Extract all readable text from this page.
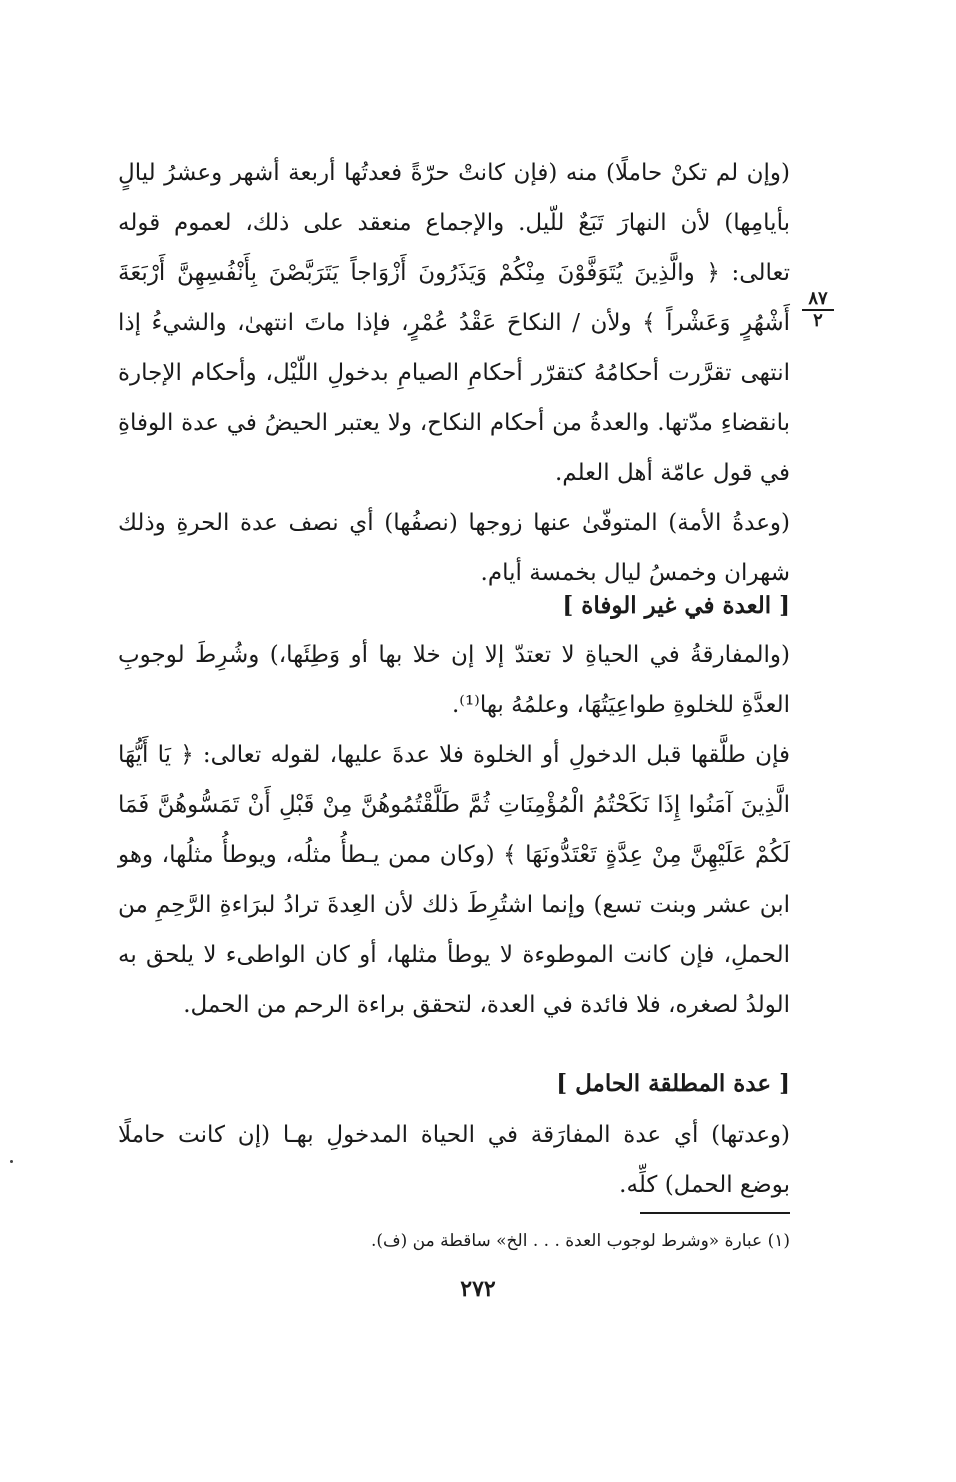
(وإن لم تكنْ حاملًا) منه (فإن كانتْ حرّةً فعدتُها أربعة أشهر وعشرُ ليالٍ بأيامِها) لأن النهارَ تَبَعٌ للّيل. والإجماع منعقد على ذلك، لعموم قوله تعالى: ﴿ والَّذِينَ يُتَوَفَّوْنَ مِنْكُمْ وَيَذَرُونَ أَزْوَاجاً يَتَرَبَّصْنَ بِأَنْفُسِهِنَّ أَرْبَعَةَ أَشْهُرٍ وَعَشْراً ﴾ ولأن / النكاحَ عَقْدُ عُمْرٍ، فإذا ماتَ انتهىٰ، والشيءُ إذا انتهى تقرَّرت أحكامُهُ كتقرّر أحكامِ الصيامِ بدخولِ اللّيْل، وأحكام الإجارة بانقضاءِ مدّتها. والعدةُ من أحكام النكاح، ولا يعتبر الحيضُ في عدة الوفاةِ في قول عامّة أهل العلم.

(وعدةُ الأمة) المتوفّىٰ عنها زوجها (نصفُها) أي نصف عدة الحرةِ وذلك شهران وخمسُ ليال بخمسة أيام.

٨٧
٢
[ العدة في غير الوفاة ]

(والمفارقةُ في الحياةِ لا تعتدّ إلا إن خلا بها أو وَطِئَها،) وشُرِطَ لوجوبِ العدَّةِ للخلوةِ طواعِيَتُهَا، وعلمُهُ بها⁽¹⁾.

فإن طلَّقها قبل الدخولِ أو الخلوة فلا عدةَ عليها، لقوله تعالى: ﴿ يَا أَيُّهَا الَّذِينَ آمَنُوا إِذَا نَكَحْتُمُ الْمُؤْمِنَاتِ ثُمَّ طَلَّقْتُمُوهُنَّ مِنْ قَبْلِ أَنْ تَمَسُّوهُنَّ فَمَا لَكُمْ عَلَيْهِنَّ مِنْ عِدَّةٍ تَعْتَدُّونَهَا ﴾ (وكان ممن يـطأُ مثلُه، ويوطأُ مثلُها، وهو ابن عشر وبنت تسع) وإنما اشتُرِطَ ذلك لأن العِدةَ ترادُ لبرَاءةِ الرَّحِمِ من الحملِ، فإن كانت الموطوءة لا يوطأ مثلها، أو كان الواطىء لا يلحق به الولدُ لصغره، فلا فائدة في العدة، لتحقق براءة الرحم من الحمل.

[ عدة المطلقة الحامل ]

(وعدتها) أي عدة المفارَقة في الحياة المدخولِ بهـا (إن كانت حاملًا بوضع الحمل) كلِّه.

(١) عبارة «وشرط لوجوب العدة . . . الخ» ساقطة من (ف).
٢٧٢
